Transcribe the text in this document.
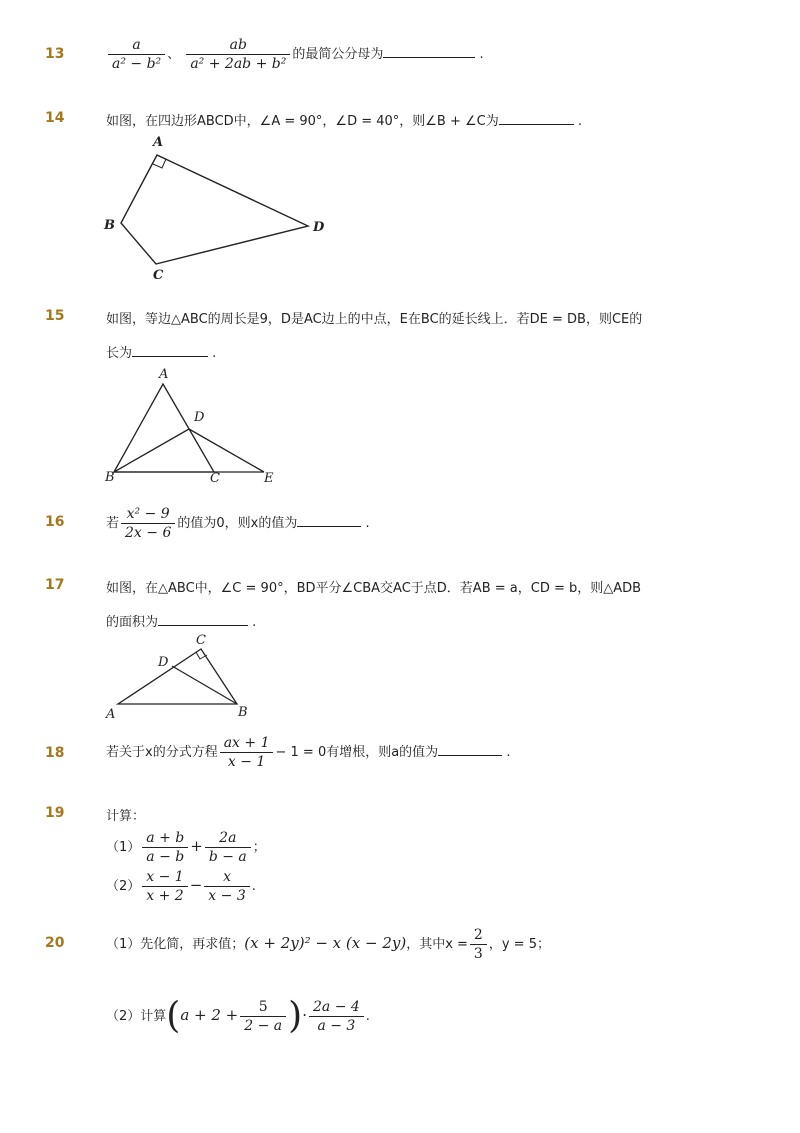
13	$\frac{a}{\text{a² − b²}}$ 、 $\frac{ab}{\text{a² + 2ab + b²}}$ 的最简公分母为	.
14	如图，在四边形ABCD中，∠A = 90°，∠D = 40°，则∠B + ∠C为	.
A
B
C
D
15	如图，等边△ABC的周长是9，D是AC边上的中点，E在BC的延长线上．若DE = DB，则CE的
长为	.
A
B	C
D
E
16	若 $\frac{\text{x² − 9}}{2x - 6}$ 的值为0，则x的值为	.
17	如图，在△ABC中，∠C = 90°，BD平分∠CBA交AC于点D．若AB = a，CD = b，则△ADB
的面积为	.
A	B
C
D
18	若关于x的分式方程 $\frac{ax + 1}{x - 1} - 1 = 0$有增根，则a的值为	.
19	计算：
$(1) \frac{a + b}{a - b} + \frac{2a}{b - a}$ ；
$(2) \frac{x - 1}{x + 2} - \frac{x}{x - 3}$ .
20	（1）先化简，再求值；(x + 2y)² − x (x − 2y)，其中$x = \frac{2}{3}$ ，y = 5；
（2）计算($a + 2 + \frac{5}{2 - a}$ )· $\frac{2a - 4}{a - 3}$ .
